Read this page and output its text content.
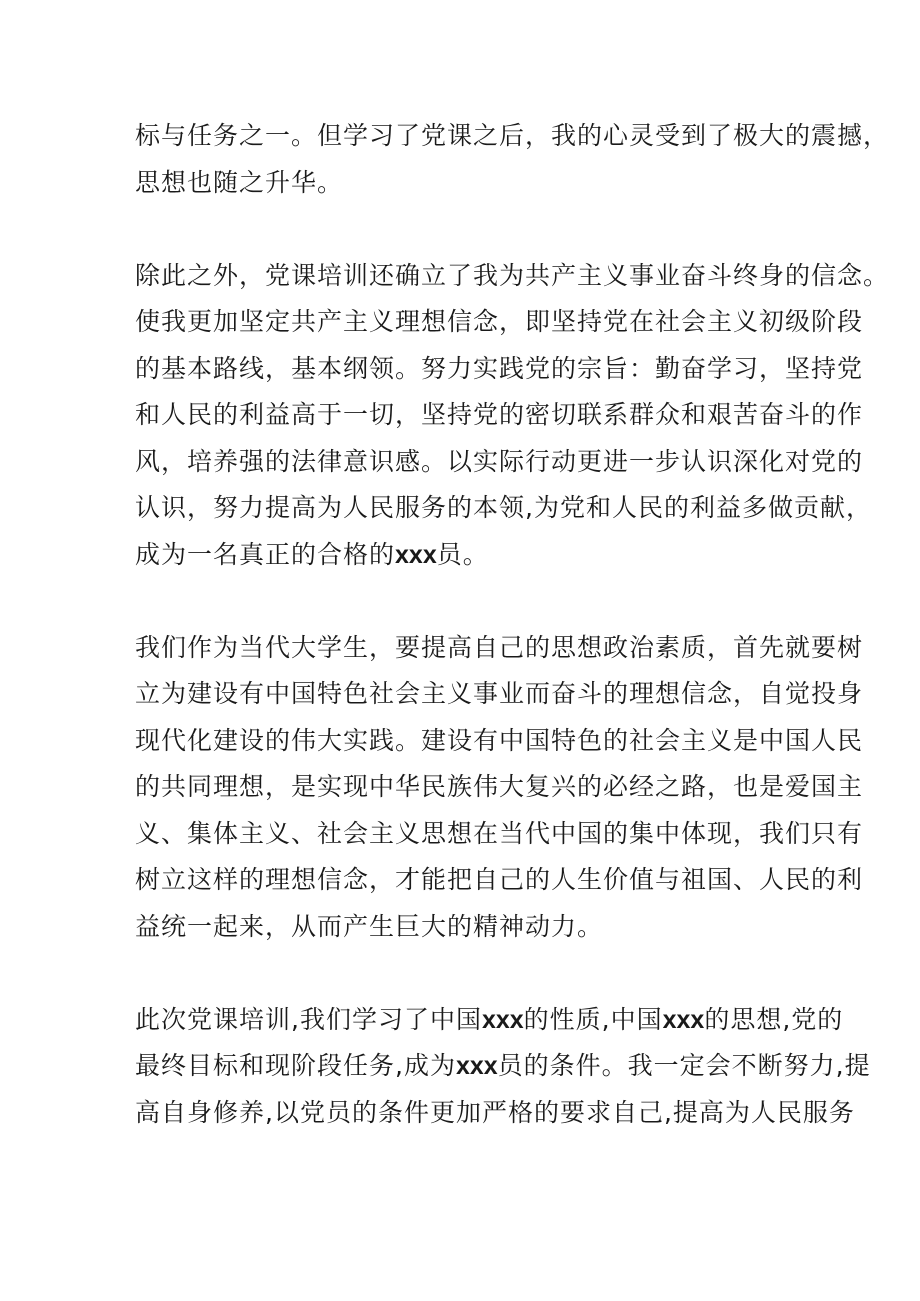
标与任务之一。但学习了党课之后，我的心灵受到了极大的震撼，
思想也随之升华。
除此之外，党课培训还确立了我为共产主义事业奋斗终身的信念。
使我更加坚定共产主义理想信念，即坚持党在社会主义初级阶段
的基本路线，基本纲领。努力实践党的宗旨：勤奋学习，坚持党
和人民的利益高于一切，坚持党的密切联系群众和艰苦奋斗的作
风，培养强的法律意识感。以实际行动更进一步认识深化对党的
认识，努力提高为人民服务的本领,为党和人民的利益多做贡献，
成为一名真正的合格的xxx员。
我们作为当代大学生，要提高自己的思想政治素质，首先就要树
立为建设有中国特色社会主义事业而奋斗的理想信念，自觉投身
现代化建设的伟大实践。建设有中国特色的社会主义是中国人民
的共同理想，是实现中华民族伟大复兴的必经之路，也是爱国主
义、集体主义、社会主义思想在当代中国的集中体现，我们只有
树立这样的理想信念，才能把自己的人生价值与祖国、人民的利
益统一起来，从而产生巨大的精神动力。
此次党课培训,我们学习了中国xxx的性质,中国xxx的思想,党的
最终目标和现阶段任务,成为xxx员的条件。我一定会不断努力,提
高自身修养,以党员的条件更加严格的要求自己,提高为人民服务
